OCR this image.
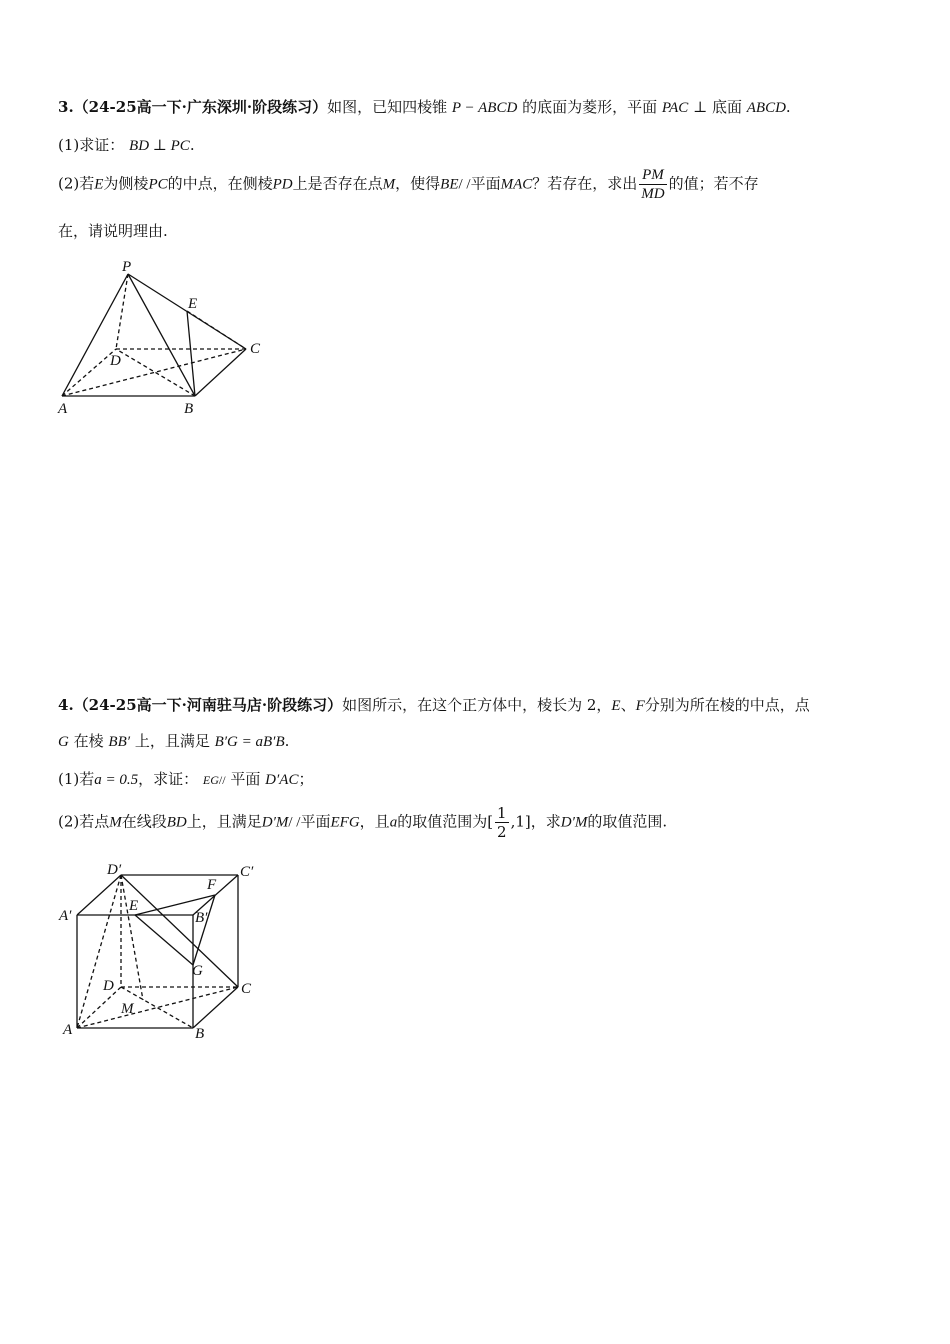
3.（24-25高一下·广东深圳·阶段练习）如图，已知四棱锥 P − ABCD 的底面为菱形，平面 PAC ⊥ 底面 ABCD.
(1)求证： BD ⊥ PC.
(2)若E为侧棱PC的中点，在侧棱PD上是否存在点M，使得BE/ /平面MAC？若存在，求出 $\frac{PM}{MD}$ 的值；若不存
在，请说明理由.
P
E
C
D
A	B
4.（24-25高一下·河南驻马店·阶段练习）如图所示，在这个正方体中，棱长为 2，E、F分别为所在棱的中点，点
G 在棱 BB′ 上，且满足 B′G = aB′B.
(1)若a = 0.5，求证： EG// 平面 D′AC；
(2)若点M在线段BD上，且满足D′M/ /平面EFG，且a的取值范围为[ $\frac{1}{2} ,1$]，求D′M的取值范围.
D′	C′
F
A′
E
B′
G
D	C
M
A	B
